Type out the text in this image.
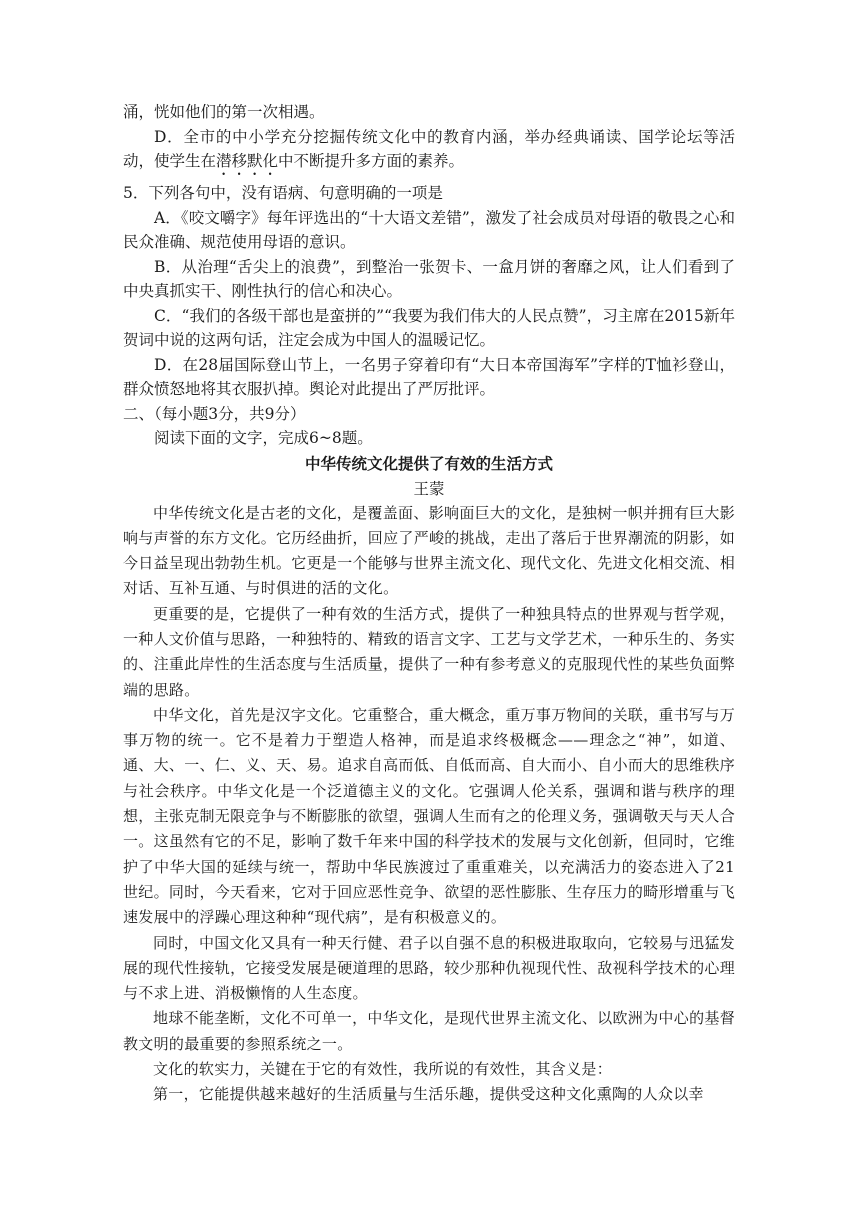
涌，恍如他们的第一次相遇。

D．全市的中小学充分挖掘传统文化中的教育内涵，举办经典诵读、国学论坛等活动，使学生在潜移默化中不断提升多方面的素养。

5．下列各句中，没有语病、句意明确的一项是

A．《咬文嚼字》每年评选出的“十大语文差错”，激发了社会成员对母语的敬畏之心和民众准确、规范使用母语的意识。

B．从治理“舌尖上的浪费”，到整治一张贺卡、一盒月饼的奢靡之风，让人们看到了中央真抓实干、刚性执行的信心和决心。

C．“我们的各级干部也是蛮拼的”“我要为我们伟大的人民点赞”，习主席在2015新年贺词中说的这两句话，注定会成为中国人的温暖记忆。

D．在28届国际登山节上，一名男子穿着印有“大日本帝国海军”字样的T恤衫登山，群众愤怒地将其衣服扒掉。舆论对此提出了严厉批评。

二、（每小题3分，共9分）

阅读下面的文字，完成6~8题。

中华传统文化提供了有效的生活方式

王蒙

中华传统文化是古老的文化，是覆盖面、影响面巨大的文化，是独树一帜并拥有巨大影响与声誉的东方文化。它历经曲折，回应了严峻的挑战，走出了落后于世界潮流的阴影，如今日益呈现出勃勃生机。它更是一个能够与世界主流文化、现代文化、先进文化相交流、相对话、互补互通、与时俱进的活的文化。

更重要的是，它提供了一种有效的生活方式，提供了一种独具特点的世界观与哲学观，一种人文价值与思路，一种独特的、精致的语言文字、工艺与文学艺术，一种乐生的、务实的、注重此岸性的生活态度与生活质量，提供了一种有参考意义的克服现代性的某些负面弊端的思路。

中华文化，首先是汉字文化。它重整合，重大概念，重万事万物间的关联，重书写与万事万物的统一。它不是着力于塑造人格神，而是追求终极概念——理念之“神”，如道、通、大、一、仁、义、天、易。追求自高而低、自低而高、自大而小、自小而大的思维秩序与社会秩序。中华文化是一个泛道德主义的文化。它强调人伦关系，强调和谐与秩序的理想，主张克制无限竞争与不断膨胀的欲望，强调人生而有之的伦理义务，强调敬天与天人合一。这虽然有它的不足，影响了数千年来中国的科学技术的发展与文化创新，但同时，它维护了中华大国的延续与统一，帮助中华民族渡过了重重难关，以充满活力的姿态进入了21世纪。同时，今天看来，它对于回应恶性竞争、欲望的恶性膨胀、生存压力的畸形增重与飞速发展中的浮躁心理这种种“现代病”，是有积极意义的。

同时，中国文化又具有一种天行健、君子以自强不息的积极进取取向，它较易与迅猛发展的现代性接轨，它接受发展是硬道理的思路，较少那种仇视现代性、敌视科学技术的心理与不求上进、消极懒惰的人生态度。

地球不能垄断，文化不可单一，中华文化，是现代世界主流文化、以欧洲为中心的基督教文明的最重要的参照系统之一。

文化的软实力，关键在于它的有效性，我所说的有效性，其含义是：

第一，它能提供越来越好的生活质量与生活乐趣，提供受这种文化熏陶的人众以幸
